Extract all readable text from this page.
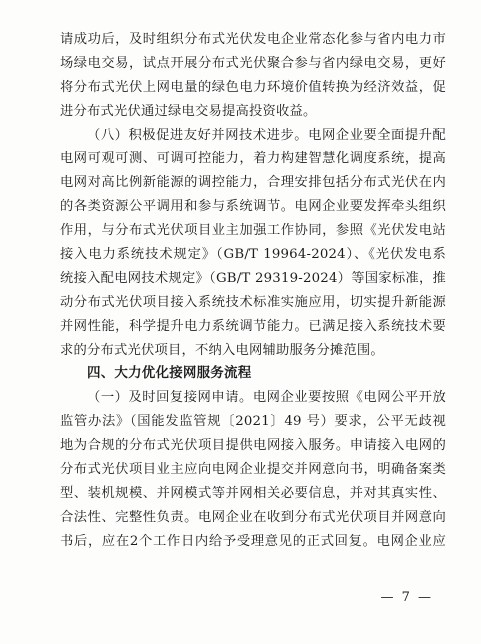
请成功后，及时组织分布式光伏发电企业常态化参与省内电力市
场绿电交易，试点开展分布式光伏聚合参与省内绿电交易，更好
将分布式光伏上网电量的绿色电力环境价值转换为经济效益，促
进分布式光伏通过绿电交易提高投资收益。
（八）积极促进友好并网技术进步。电网企业要全面提升配
电网可观可测、可调可控能力，着力构建智慧化调度系统，提高
电网对高比例新能源的调控能力，合理安排包括分布式光伏在内
的各类资源公平调用和参与系统调节。电网企业要发挥牵头组织
作用，与分布式光伏项目业主加强工作协同，参照《光伏发电站
接入电力系统技术规定》（GB/T 19964-2024）、《光伏发电系
统接入配电网技术规定》（GB/T 29319-2024）等国家标准，推
动分布式光伏项目接入系统技术标准实施应用，切实提升新能源
并网性能，科学提升电力系统调节能力。已满足接入系统技术要
求的分布式光伏项目，不纳入电网辅助服务分摊范围。
四、大力优化接网服务流程
（一）及时回复接网申请。电网企业要按照《电网公平开放
监管办法》（国能发监管规〔2021〕49 号）要求，公平无歧视
地为合规的分布式光伏项目提供电网接入服务。申请接入电网的
分布式光伏项目业主应向电网企业提交并网意向书，明确备案类
型、装机规模、并网模式等并网相关必要信息，并对其真实性、
合法性、完整性负责。电网企业在收到分布式光伏项目并网意向
书后，应在2个工作日内给予受理意见的正式回复。电网企业应
— 7 —
